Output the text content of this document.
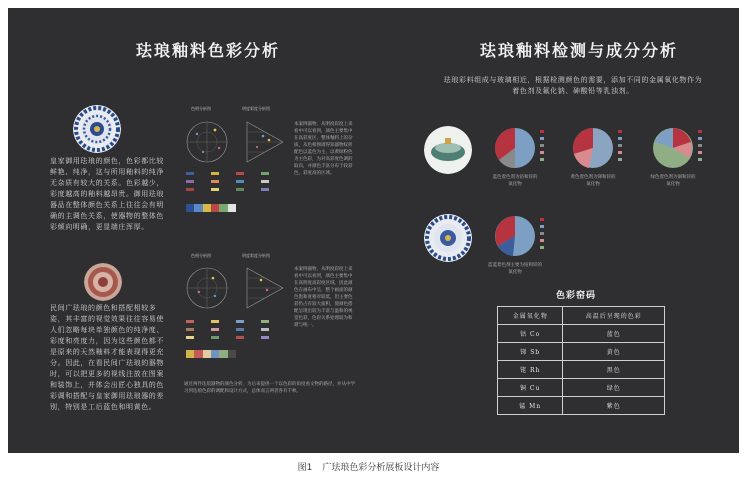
珐琅釉料色彩分析
皇家御用珐琅的颜色，色彩都比较鲜艳、纯净，这与所用釉料的纯净无杂质有较大的关系。色彩越少，彩度越高的釉料越昂贵。御用珐琅器品在整体颜色关系上往往会有明确的主调色关系，使器物的整体色彩倾向明确，更显端庄浑厚。
民间广珐琅的颜色和搭配相较多姿，其丰富的视觉效果往往容易使人们忽略每块单独颜色的纯净度、彩度和亮度力，因为这些颜色都不是原来的天然釉料才能表现得更充分。因此，在看民间广珐琅的器物时，可以把更多的视线注放在图案和装饰上，并体会出匠心独具的色彩调和搭配与皇家御用珐琅器的差别，特别是工后蓝色和明黄色。
色相分析图	明度彩度分析图
本案例器物，从明度彩度上来看中可以看到，颜色主要集中在高彩度区，整体釉料上的杂质，从色相图谱得知器物纹样配色以蓝色为主，以黄绿粉色为主色彩，为对高彩度色调的取向，并颜色丰富分布于较彩色、彩度高的区域。
色相分析图	明度彩度分析图
本案例器物，从明度彩度上来看中可以看到，颜色主要集中在高明度高彩度区域。因此颜色在画布中呈，整个画面的颜色饱和度相对较低，但主要色彩仍占有较大面积，使颜色搭配呈现出较为丰富与温和的视觉色彩，色彩关系处理较为和谐与统一。
通过两件珐琅器物的颜色分析，为后来提供一个以色彩的角度看文物的路径，并从中学习到珐琅色彩的调配和设计方式，总体而言两者各有千秋。
珐琅釉料检测与成分分析
珐琅彩料组成与玻璃相近，根据检测颜色的需要，添加不同的金属氧化物作为着色剂及氟化钠、砷酸铅等乳浊剂。
蓝色着色剂为钴和锌的氧化物
黄色着色剂为锑和锌的氧化物
绿色着色剂为铜和锌的氧化物
蓝蓝着色剂主要为钴和锌的氧化物
色彩窑码
金属氧化物	高温后呈现的色彩
钴 Co	蓝色
锑 Sb	黄色
铑 Rh	黑色
铜 Cu	绿色
锰 Mn	紫色
图1 广珐琅色彩分析展板设计内容
